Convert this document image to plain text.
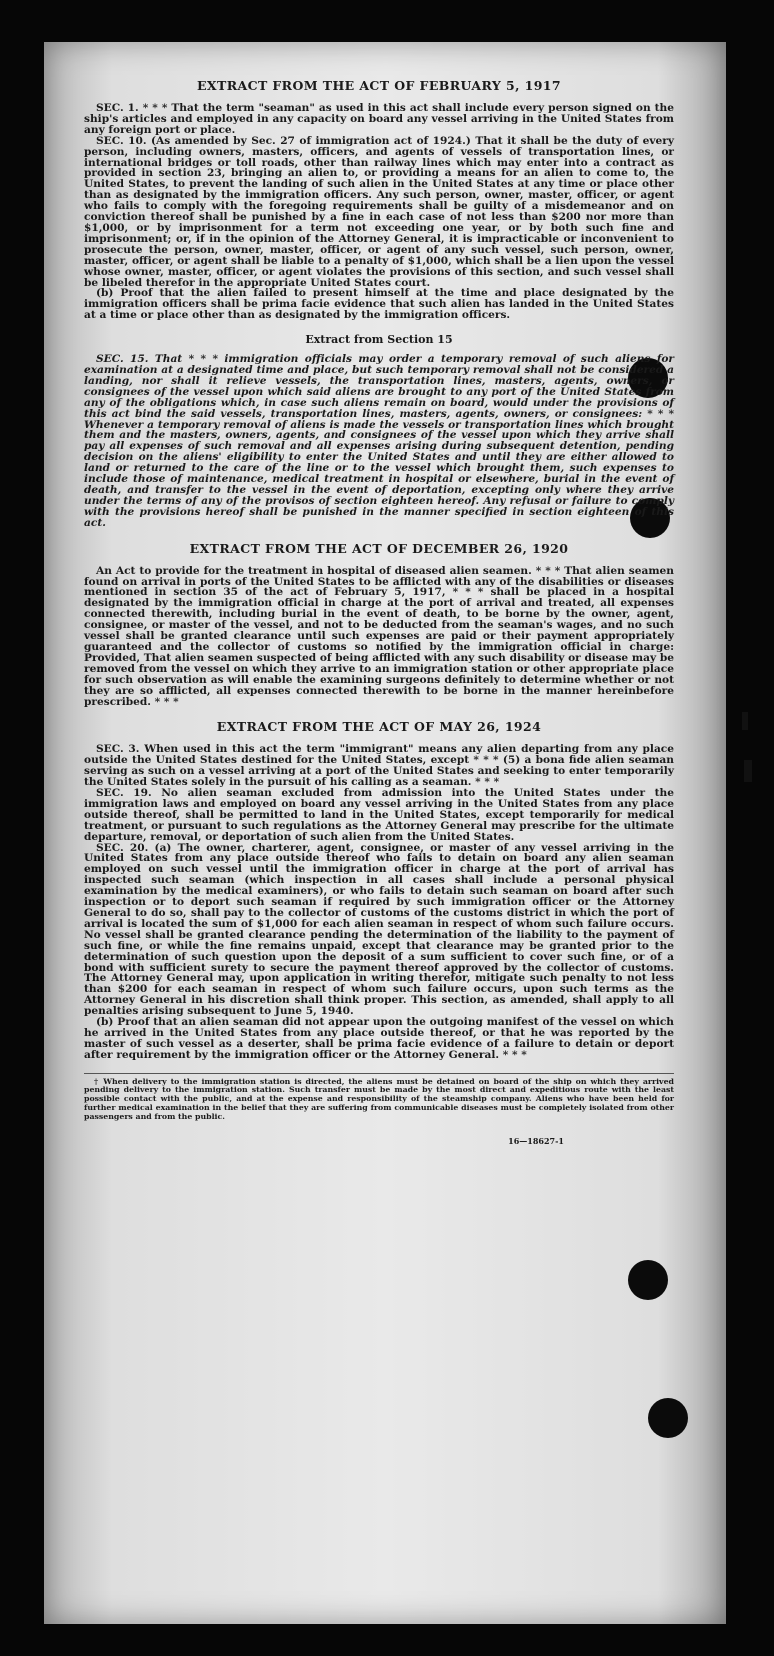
EXTRACT FROM THE ACT OF FEBRUARY 5, 1917

SEC. 1. * * * That the term "seaman" as used in this act shall include every person signed on the ship's articles and employed in any capacity on board any vessel arriving in the United States from any foreign port or place.

SEC. 10. (As amended by Sec. 27 of immigration act of 1924.) That it shall be the duty of every person, including owners, masters, officers, and agents of vessels of transportation lines, or international bridges or toll roads, other than railway lines which may enter into a contract as provided in section 23, bringing an alien to, or providing a means for an alien to come to, the United States, to prevent the landing of such alien in the United States at any time or place other than as designated by the immigration officers. Any such person, owner, master, officer, or agent who fails to comply with the foregoing requirements shall be guilty of a misdemeanor and on conviction thereof shall be punished by a fine in each case of not less than $200 nor more than $1,000, or by imprisonment for a term not exceeding one year, or by both such fine and imprisonment; or, if in the opinion of the Attorney General, it is impracticable or inconvenient to prosecute the person, owner, master, officer, or agent of any such vessel, such person, owner, master, officer, or agent shall be liable to a penalty of $1,000, which shall be a lien upon the vessel whose owner, master, officer, or agent violates the provisions of this section, and such vessel shall be libeled therefor in the appropriate United States court.

(b) Proof that the alien failed to present himself at the time and place designated by the immigration officers shall be prima facie evidence that such alien has landed in the United States at a time or place other than as designated by the immigration officers.

Extract from Section 15

SEC. 15. That * * * immigration officials may order a temporary removal of such aliens for examination at a designated time and place, but such temporary removal shall not be considered a landing, nor shall it relieve vessels, the transportation lines, masters, agents, owners, or consignees of the vessel upon which said aliens are brought to any port of the United States from any of the obligations which, in case such aliens remain on board, would under the provisions of this act bind the said vessels, transportation lines, masters, agents, owners, or consignees: * * * Whenever a temporary removal of aliens is made the vessels or transportation lines which brought them and the masters, owners, agents, and consignees of the vessel upon which they arrive shall pay all expenses of such removal and all expenses arising during subsequent detention, pending decision on the aliens' eligibility to enter the United States and until they are either allowed to land or returned to the care of the line or to the vessel which brought them, such expenses to include those of maintenance, medical treatment in hospital or elsewhere, burial in the event of death, and transfer to the vessel in the event of deportation, excepting only where they arrive under the terms of any of the provisos of section eighteen hereof. Any refusal or failure to comply with the provisions hereof shall be punished in the manner specified in section eighteen of this act.

EXTRACT FROM THE ACT OF DECEMBER 26, 1920

An Act to provide for the treatment in hospital of diseased alien seamen. * * * That alien seamen found on arrival in ports of the United States to be afflicted with any of the disabilities or diseases mentioned in section 35 of the act of February 5, 1917, * * * shall be placed in a hospital designated by the immigration official in charge at the port of arrival and treated, all expenses connected therewith, including burial in the event of death, to be borne by the owner, agent, consignee, or master of the vessel, and not to be deducted from the seaman's wages, and no such vessel shall be granted clearance until such expenses are paid or their payment appropriately guaranteed and the collector of customs so notified by the immigration official in charge: Provided, That alien seamen suspected of being afflicted with any such disability or disease may be removed from the vessel on which they arrive to an immigration station or other appropriate place for such observation as will enable the examining surgeons definitely to determine whether or not they are so afflicted, all expenses connected therewith to be borne in the manner hereinbefore prescribed. * * *

EXTRACT FROM THE ACT OF MAY 26, 1924

SEC. 3. When used in this act the term "immigrant" means any alien departing from any place outside the United States destined for the United States, except * * * (5) a bona fide alien seaman serving as such on a vessel arriving at a port of the United States and seeking to enter temporarily the United States solely in the pursuit of his calling as a seaman. * * *

SEC. 19. No alien seaman excluded from admission into the United States under the immigration laws and employed on board any vessel arriving in the United States from any place outside thereof, shall be permitted to land in the United States, except temporarily for medical treatment, or pursuant to such regulations as the Attorney General may prescribe for the ultimate departure, removal, or deportation of such alien from the United States.

SEC. 20. (a) The owner, charterer, agent, consignee, or master of any vessel arriving in the United States from any place outside thereof who fails to detain on board any alien seaman employed on such vessel until the immigration officer in charge at the port of arrival has inspected such seaman (which inspection in all cases shall include a personal physical examination by the medical examiners), or who fails to detain such seaman on board after such inspection or to deport such seaman if required by such immigration officer or the Attorney General to do so, shall pay to the collector of customs of the customs district in which the port of arrival is located the sum of $1,000 for each alien seaman in respect of whom such failure occurs. No vessel shall be granted clearance pending the determination of the liability to the payment of such fine, or while the fine remains unpaid, except that clearance may be granted prior to the determination of such question upon the deposit of a sum sufficient to cover such fine, or of a bond with sufficient surety to secure the payment thereof approved by the collector of customs. The Attorney General may, upon application in writing therefor, mitigate such penalty to not less than $200 for each seaman in respect of whom such failure occurs, upon such terms as the Attorney General in his discretion shall think proper. This section, as amended, shall apply to all penalties arising subsequent to June 5, 1940.

(b) Proof that an alien seaman did not appear upon the outgoing manifest of the vessel on which he arrived in the United States from any place outside thereof, or that he was reported by the master of such vessel as a deserter, shall be prima facie evidence of a failure to detain or deport after requirement by the immigration officer or the Attorney General. * * *

† When delivery to the immigration station is directed, the aliens must be detained on board of the ship on which they arrived pending delivery to the immigration station. Such transfer must be made by the most direct and expeditious route with the least possible contact with the public, and at the expense and responsibility of the steamship company. Aliens who have been held for further medical examination in the belief that they are suffering from communicable diseases must be completely isolated from other passengers and from the public.
16—18627-1
